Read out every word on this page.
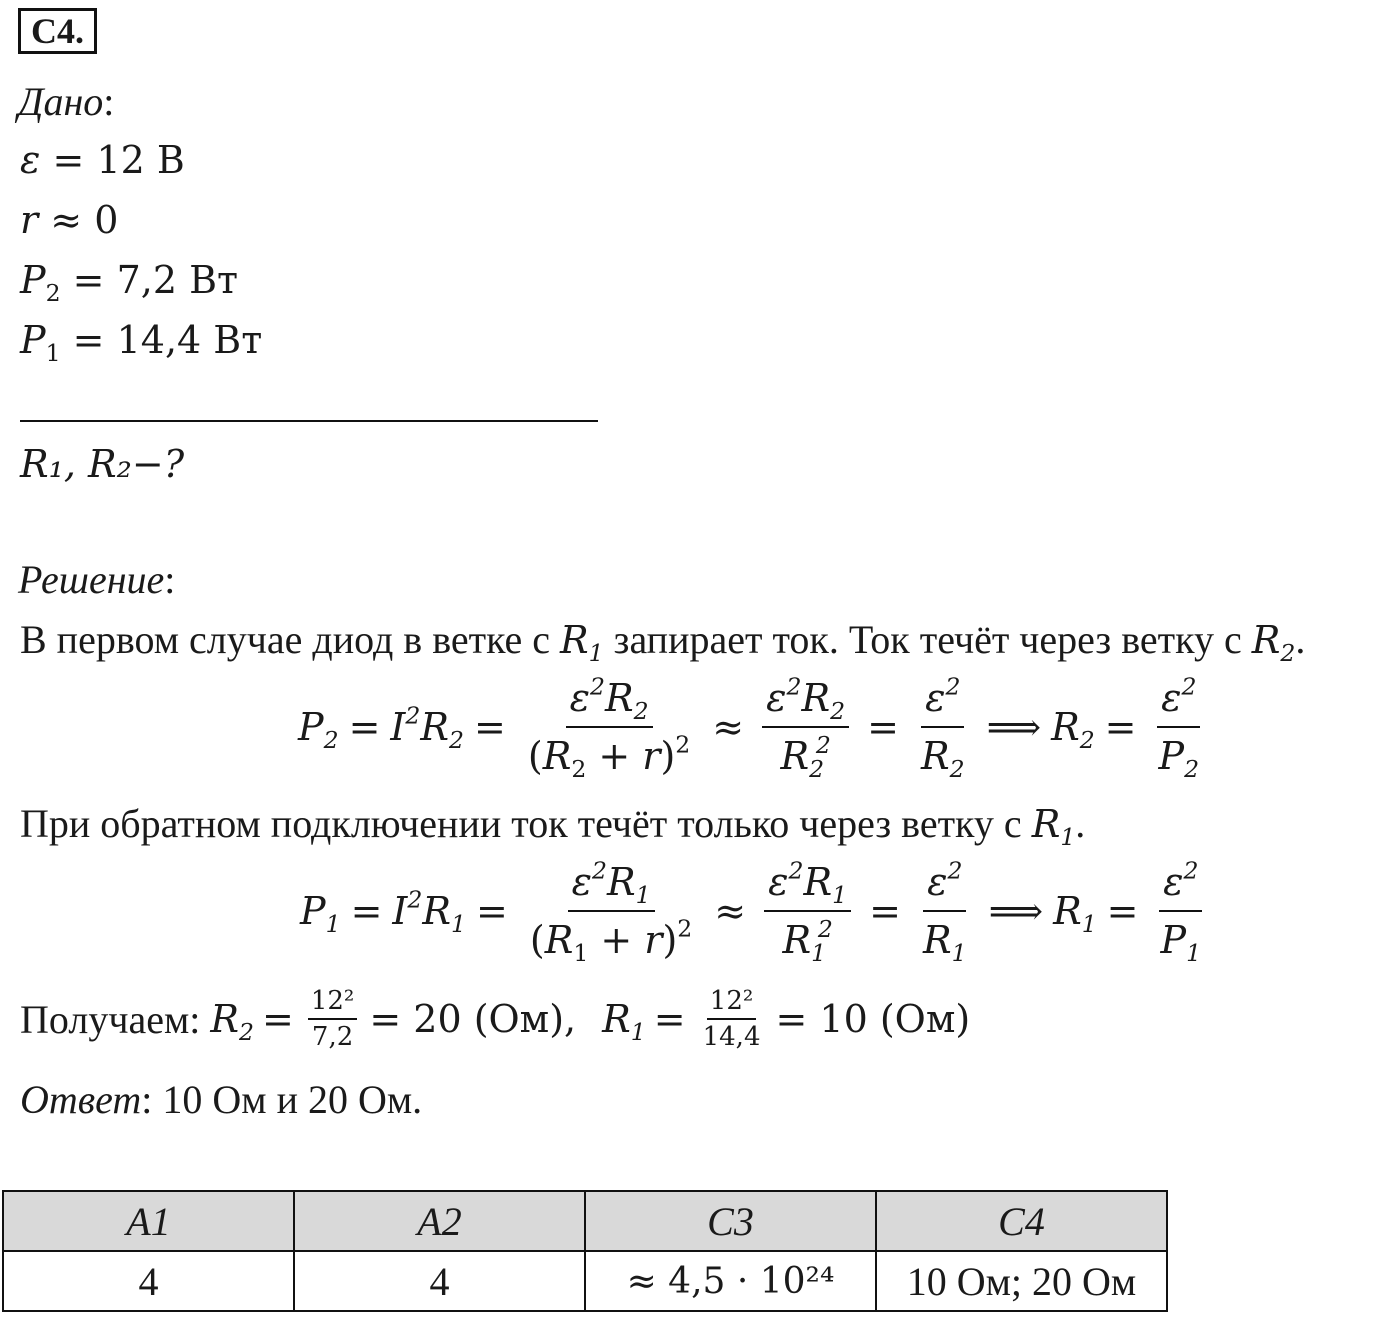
C4.
Дано:
ε = 12 В
r ≈ 0
$P_2 = 7,2$ Вт
$P_1 = 14,4$ Вт
R₁, R₂−?
Решение:
В первом случае диод в ветке с $R_1$ запирает ток. Ток течёт через ветку с $R_2$.
$P_2 = I^2R_2 = \frac{\varepsilon^2R_2}{(R_2 + r)^2} \approx \frac{\varepsilon^2R_2}{R_2^2} = \frac{\varepsilon^2}{R_2}$ ⟹ $R_2 = \frac{\varepsilon^2}{P_2}$
При обратном подключении ток течёт только через ветку с $R_1$.
$P_1 = I^2R_1 = \frac{\varepsilon^2R_1}{(R_1 + r)^2} \approx \frac{\varepsilon^2R_1}{R_1^2} = \frac{\varepsilon^2}{R_1}$ ⟹ $R_1 = \frac{\varepsilon^2}{P_1}$
Получаем: $R_2 = \frac{\text{12²}}{7,2} = 20$ (Ом), $R_1 = \frac{\text{12²}}{14,4} = 10$ (Ом)
Ответ: 10 Ом и 20 Ом.
A1	A2	C3	C4
4	4	≈ 4,5 · 10²⁴	10 Ом; 20 Ом
